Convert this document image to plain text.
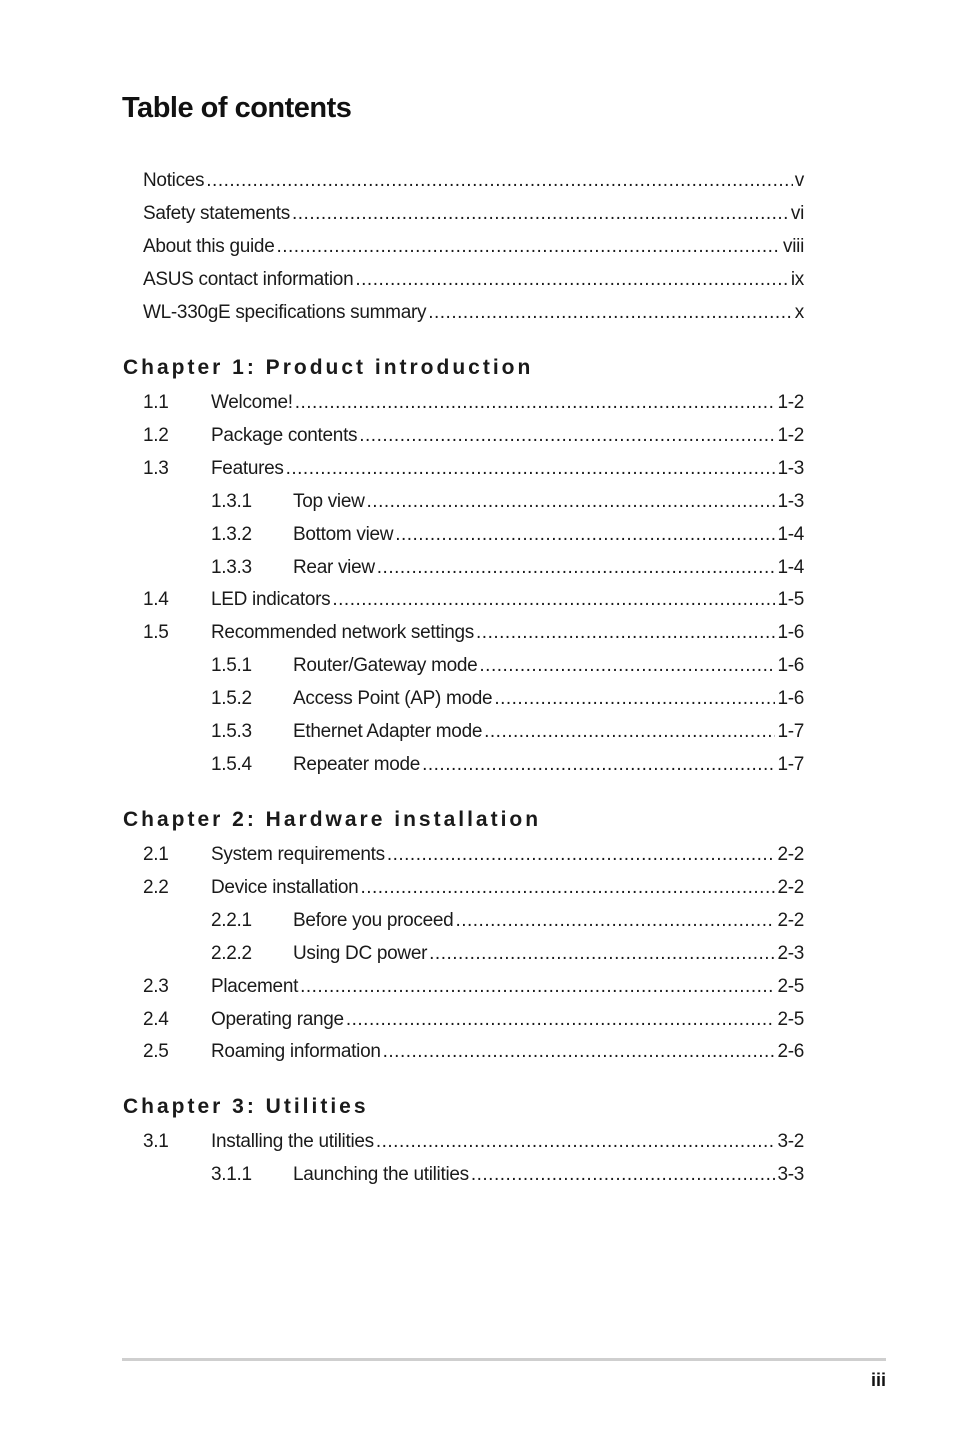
Table of contents
Notices .....	v
Safety statements .....	vi
About this guide .....	viii
ASUS contact information .....	ix
WL-330gE specifications summary .....	x
Chapter 1: Product introduction
1.1	Welcome! .....	1-2
1.2	Package contents .....	1-2
1.3	Features .....	1-3
1.3.1	Top view .....	1-3
1.3.2	Bottom view .....	1-4
1.3.3	Rear view .....	1-4
1.4	LED indicators .....	1-5
1.5	Recommended network settings .....	1-6
1.5.1	Router/Gateway mode .....	1-6
1.5.2	Access Point (AP) mode .....	1-6
1.5.3	Ethernet Adapter mode .....	1-7
1.5.4	Repeater mode .....	1-7
Chapter 2: Hardware installation
2.1	System requirements .....	2-2
2.2	Device installation .....	2-2
2.2.1	Before you proceed .....	2-2
2.2.2	Using DC power .....	2-3
2.3	Placement .....	2-5
2.4	Operating range .....	2-5
2.5	Roaming information .....	2-6
Chapter 3: Utilities
3.1	Installing the utilities .....	3-2
3.1.1	Launching the utilities .....	3-3
iii
